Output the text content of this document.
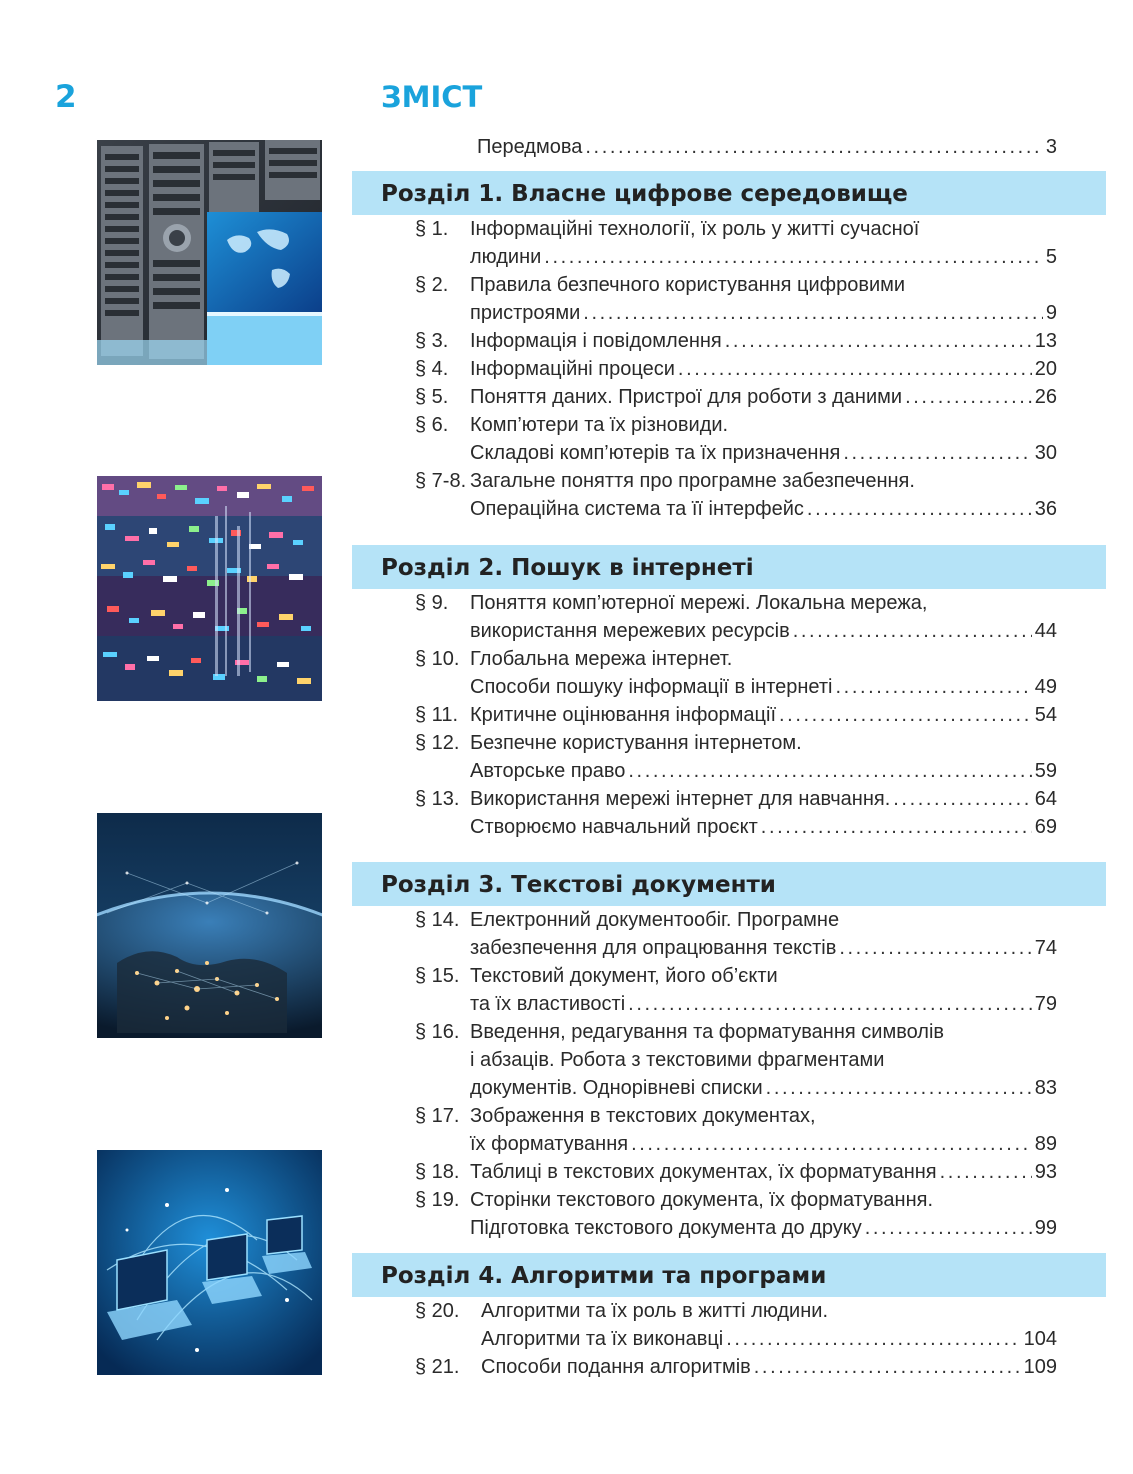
2	ЗМІСТ
Передмова .....	3
Розділ 1. Власне цифрове середовище
§ 1. Інформаційні технології, їх роль у житті сучасної
людини .....	5
§ 2. Правила безпечного користування цифровими
пристроями .....	9
§ 3. Інформація і повідомлення .....	13
§ 4. Інформаційні процеси .....	20
§ 5. Поняття даних. Пристрої для роботи з даними .....	26
§ 6. Комп’ютери та їх різновиди.
Складові комп’ютерів та їх призначення .....	30
§ 7-8. Загальне поняття про програмне забезпечення.
Операційна система та її інтерфейс .....	36
Розділ 2. Пошук в інтернеті
§ 9. Поняття комп’ютерної мережі. Локальна мережа,
використання мережевих ресурсів .....	44
§ 10. Глобальна мережа інтернет.
Способи пошуку інформації в інтернеті .....	49
§ 11. Критичне оцінювання інформації .....	54
§ 12. Безпечне користування інтернетом.
Авторське право .....	59
§ 13. Використання мережі інтернет для навчання. .....	64
Створюємо навчальний проєкт .....	69
Розділ 3. Текстові документи
§ 14. Електронний документообіг. Програмне
забезпечення для опрацювання текстів .....	74
§ 15. Текстовий документ, його об’єкти
та їх властивості .....	79
§ 16. Введення, редагування та форматування символів
і абзаців. Робота з текстовими фрагментами
документів. Однорівневі списки .....	83
§ 17. Зображення в текстових документах,
їх форматування .....	89
§ 18. Таблиці в текстових документах, їх форматування .....	93
§ 19. Сторінки текстового документа, їх форматування.
Підготовка текстового документа до друку .....	99
Розділ 4. Алгоритми та програми
§ 20. Алгоритми та їх роль в житті людини.
Алгоритми та їх виконавці .....	104
§ 21. Способи подання алгоритмів .....	109
